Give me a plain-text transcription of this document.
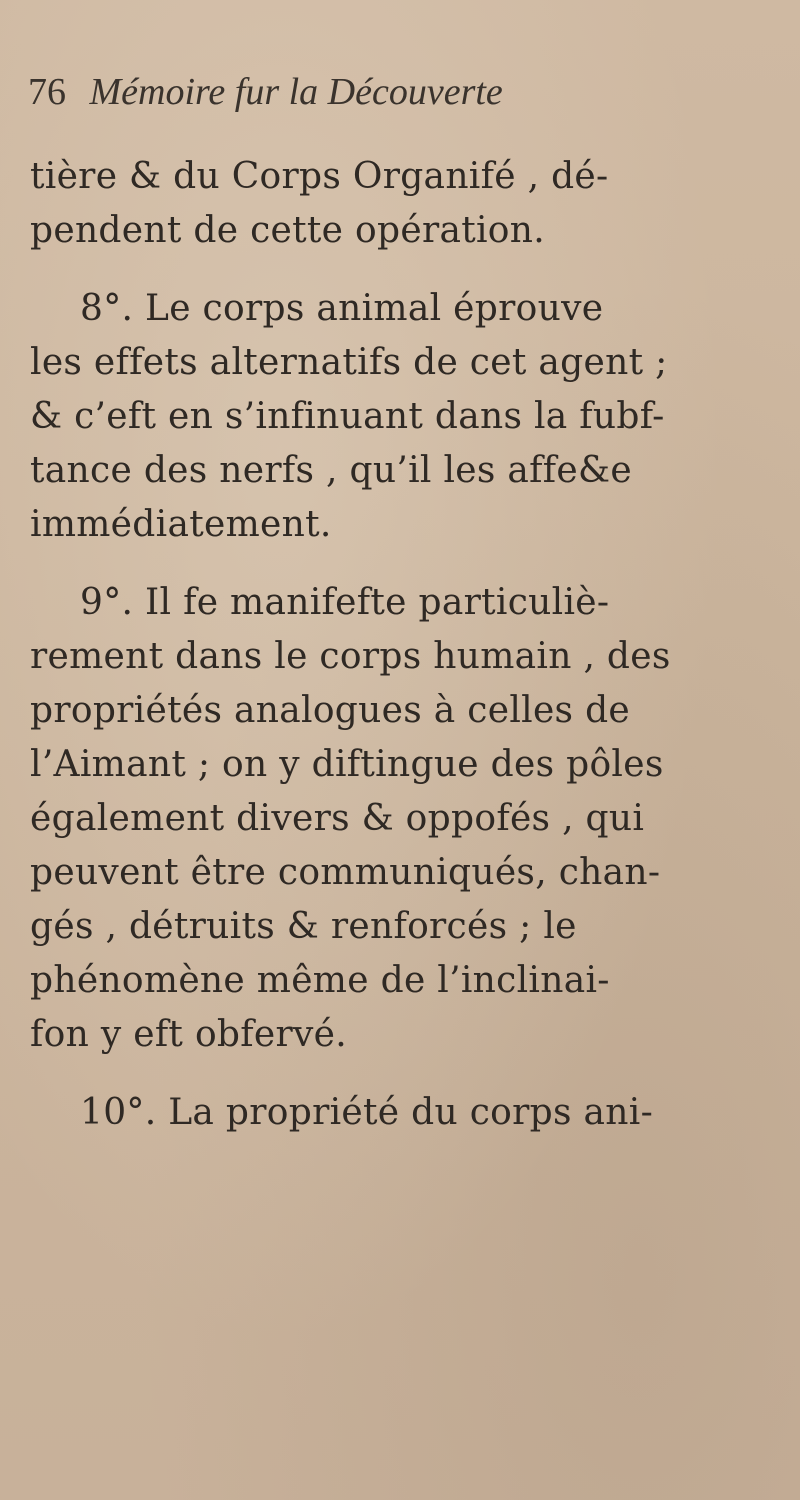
76 Mémoire fur la Découverte

tière & du Corps Organifé , dé-
pendent de cette opération.

8°. Le corps animal éprouve
les effets alternatifs de cet agent ;
& c’eft en s’infinuant dans la fubf-
tance des nerfs , qu’il les affe&e
immédiatement.

9°. Il fe manifefte particuliè-
rement dans le corps humain , des
propriétés analogues à celles de
l’Aimant ; on y diftingue des pôles
également divers & oppofés , qui
peuvent être communiqués, chan-
gés , détruits & renforcés ; le
phénomène même de l’inclinai-
fon y eft obfervé.

10°. La propriété du corps ani-
